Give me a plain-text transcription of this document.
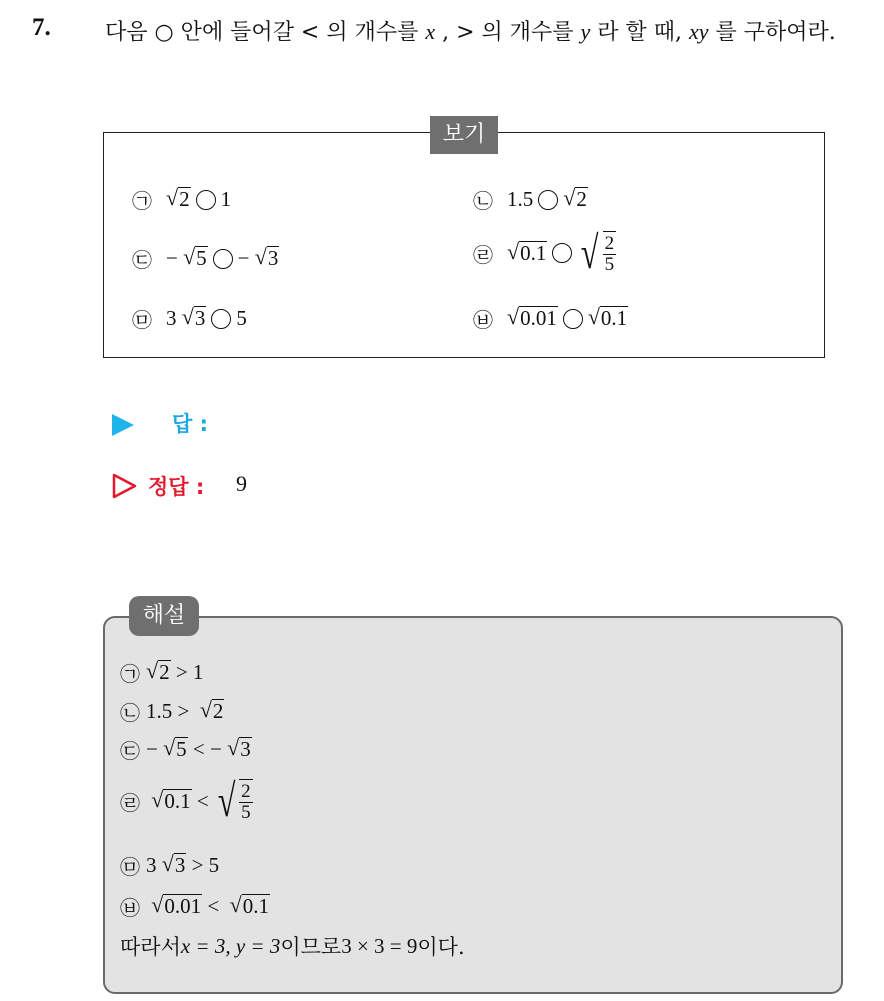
7. 다음 ○ 안에 들어갈 < 의 개수를 x , > 의 개수를 y 라 할 때, xy 를 구하여라.
보기
㉠ √ 2 1	㉡ 1.5 √ 2
㉢ − √ 5 − √ 3	㉣ √ 0.1 √ $\frac{2}{5}$
㉤ 3 √ 3 5	㉥ √ 0.01 √ 0.1
답 :
정답 : 9
해설
㉠ √ 2 > 1
㉡ 1.5 > √ 2
㉢ − √ 5 < − √ 3
㉣
√ 0.1 < √ $\frac{2}{5}$
㉤ 3 √ 3 > 5
㉥
√ 0.01 < √ 0.1
따라서 x = 3, y = 3 이므로 3 × 3 = 9 이다.
